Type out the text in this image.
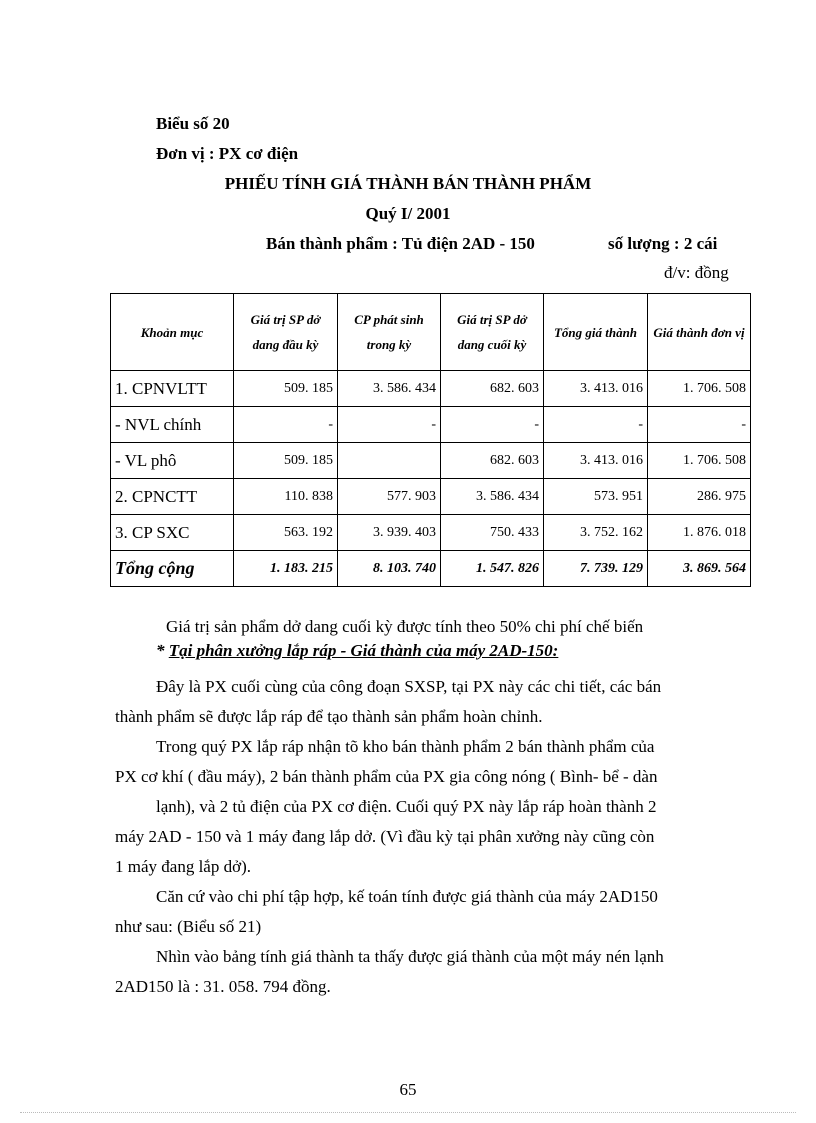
Biểu số 20
Đơn vị : PX cơ điện
PHIẾU TÍNH GIÁ THÀNH BÁN THÀNH PHẨM
Quý I/ 2001
Bán thành phẩm : Tủ điện 2AD - 150	số lượng : 2 cái
đ/v: đồng
Khoản mục	Giá trị SP dở dang đầu kỳ	CP phát sinh trong kỳ	Giá trị SP dở dang cuối kỳ	Tổng giá thành	Giá thành đơn vị
1. CPNVLTT	509. 185	3. 586. 434	682. 603	3. 413. 016	1. 706. 508
- NVL chính	-	-	-	-	-
- VL phô	509. 185		682. 603	3. 413. 016	1. 706. 508
2. CPNCTT	110. 838	577. 903	3. 586. 434	573. 951	286. 975
3. CP SXC	563. 192	3. 939. 403	750. 433	3. 752. 162	1. 876. 018
Tổng cộng	1. 183. 215	8. 103. 740	1. 547. 826	7. 739. 129	3. 869. 564
Giá trị sản phẩm dở dang cuối kỳ được tính theo 50% chi phí chế biến
* Tại phân xưởng lắp ráp - Giá thành của máy 2AD-150:
Đây là PX cuối cùng của công đoạn SXSP, tại PX này các chi tiết, các bán
thành phẩm sẽ được lắp ráp để tạo thành sản phẩm hoàn chỉnh.
Trong quý PX lắp ráp nhận tõ kho bán thành phẩm 2 bán thành phẩm của
PX cơ khí ( đầu máy), 2 bán thành phẩm của PX gia công nóng ( Bình- bể - dàn
lạnh), và 2 tủ điện của PX cơ điện. Cuối quý PX này lắp ráp hoàn thành 2
máy 2AD - 150 và 1 máy đang lắp dở. (Vì đầu kỳ tại phân xưởng này cũng còn
1 máy đang lắp dở).
Căn cứ vào chi phí tập hợp, kế toán tính được giá thành của máy 2AD150
như sau: (Biểu số 21)
Nhìn vào bảng tính giá thành ta thấy được giá thành của một máy nén lạnh
2AD150 là : 31. 058. 794 đồng.
65
